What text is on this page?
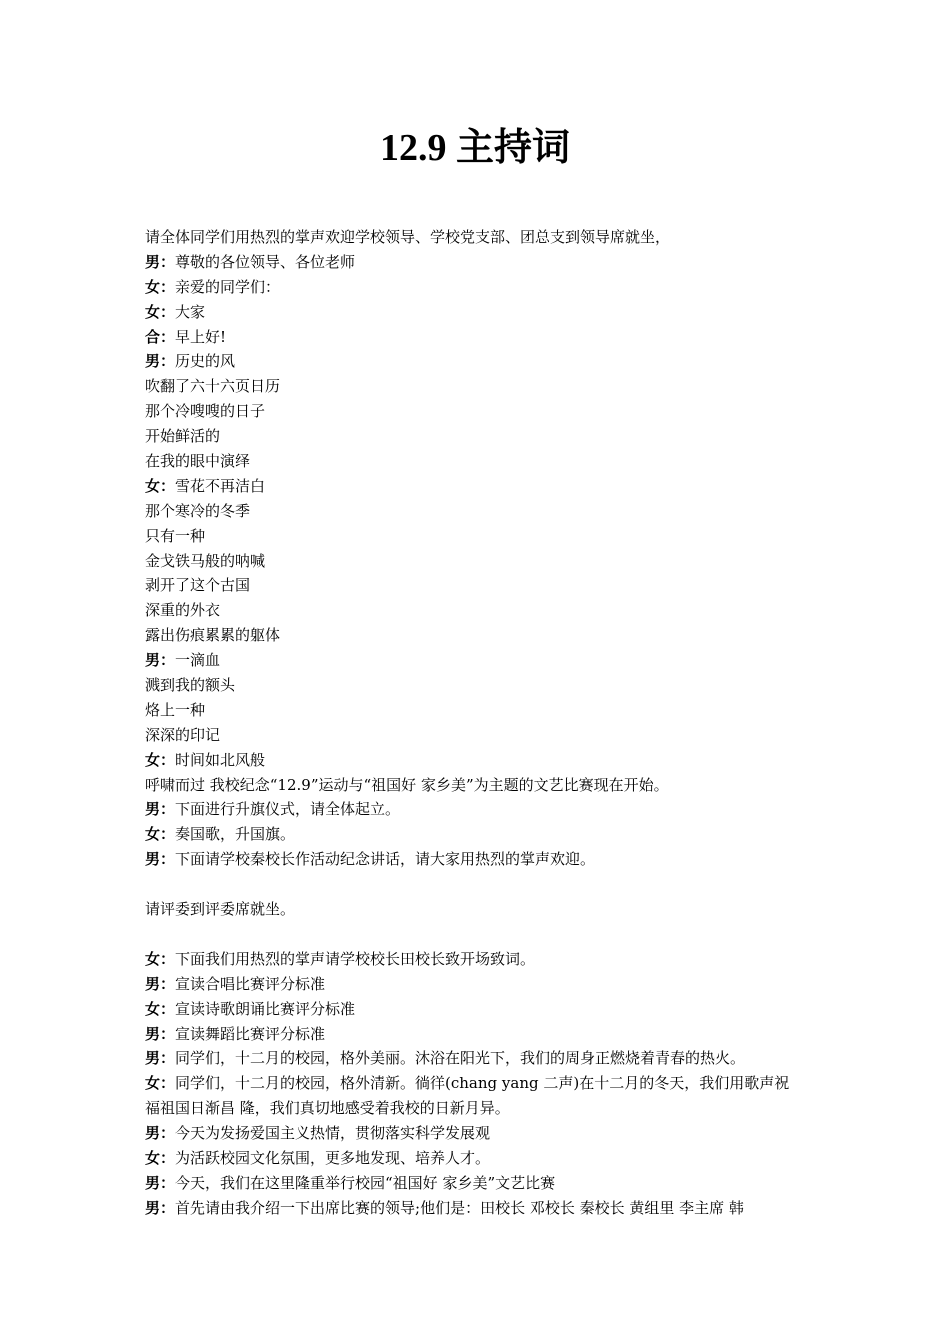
12.9 主持词
请全体同学们用热烈的掌声欢迎学校领导、学校党支部、团总支到领导席就坐，
男：尊敬的各位领导、各位老师
女：亲爱的同学们：
女：大家
合：早上好!
男：历史的风
吹翻了六十六页日历
那个冷嗖嗖的日子
开始鲜活的
在我的眼中演绎
女：雪花不再洁白
那个寒冷的冬季
只有一种
金戈铁马般的呐喊
剥开了这个古国
深重的外衣
露出伤痕累累的躯体
男：一滴血
溅到我的额头
烙上一种
深深的印记
女：时间如北风般
呼啸而过 我校纪念“12.9”运动与“祖国好 家乡美”为主题的文艺比赛现在开始。
男：下面进行升旗仪式，请全体起立。
女：奏国歌，升国旗。
男：下面请学校秦校长作活动纪念讲话，请大家用热烈的掌声欢迎。
请评委到评委席就坐。
女：下面我们用热烈的掌声请学校校长田校长致开场致词。
男：宣读合唱比赛评分标准
女：宣读诗歌朗诵比赛评分标准
男：宣读舞蹈比赛评分标准
男：同学们，十二月的校园，格外美丽。沐浴在阳光下，我们的周身正燃烧着青春的热火。
女：同学们，十二月的校园，格外清新。徜徉(chang yang 二声)在十二月的冬天，我们用歌声祝
福祖国日渐昌 隆，我们真切地感受着我校的日新月异。
男：今天为发扬爱国主义热情，贯彻落实科学发展观
女：为活跃校园文化氛围，更多地发现、培养人才。
男：今天，我们在这里隆重举行校园“祖国好 家乡美”文艺比赛
男：首先请由我介绍一下出席比赛的领导;他们是：田校长 邓校长 秦校长 黄组里 李主席 韩
